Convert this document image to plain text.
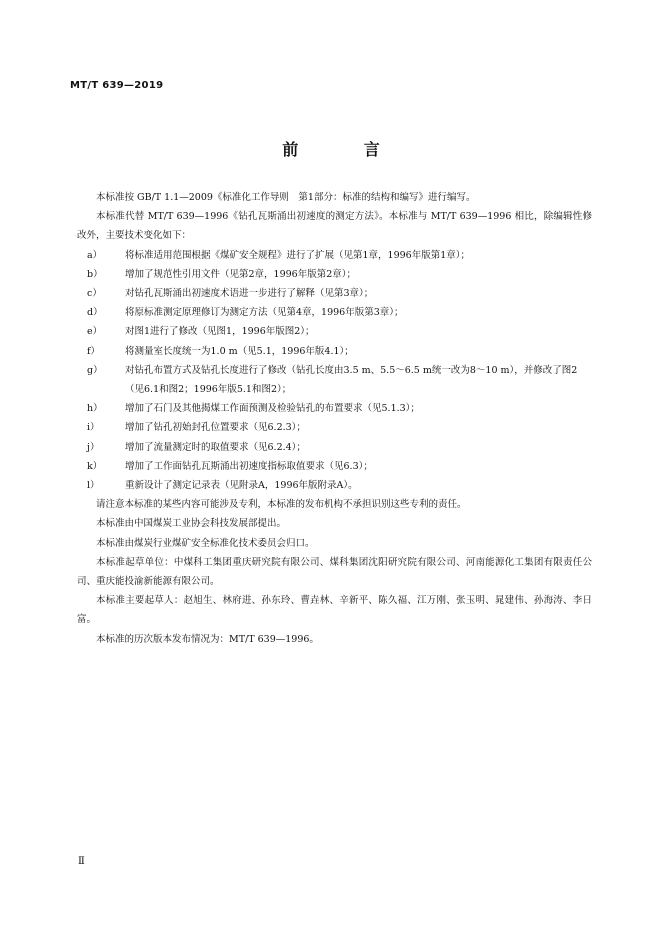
MT/T 639—2019
前 言

本标准按 GB/T 1.1—2009《标准化工作导则　第1部分：标准的结构和编写》进行编写。

本标准代替 MT/T 639—1996《钻孔瓦斯涌出初速度的测定方法》。本标准与 MT/T 639—1996 相比，除编辑性修改外，主要技术变化如下：

a） 将标准适用范围根据《煤矿安全规程》进行了扩展（见第1章，1996年版第1章）；

b） 增加了规范性引用文件（见第2章，1996年版第2章）；

c） 对钻孔瓦斯涌出初速度术语进一步进行了解释（见第3章）；

d） 将原标准测定原理修订为测定方法（见第4章，1996年版第3章）；

e） 对图1进行了修改（见图1，1996年版图2）；

f）	将测量室长度统一为1.0 m（见5.1，1996年版4.1）；

g） 对钻孔布置方式及钻孔长度进行了修改（钻孔长度由3.5 m、5.5～6.5 m统一改为8～10 m），并修改了图2（见6.1和图2；1996年版5.1和图2）；

h） 增加了石门及其他揭煤工作面预测及检验钻孔的布置要求（见5.1.3）；

i）	增加了钻孔初始封孔位置要求（见6.2.3）；

j）	增加了流量测定时的取值要求（见6.2.4）；

k） 增加了工作面钻孔瓦斯涌出初速度指标取值要求（见6.3）；

l）	重新设计了测定记录表（见附录A，1996年版附录A）。

请注意本标准的某些内容可能涉及专利，本标准的发布机构不承担识别这些专利的责任。

本标准由中国煤炭工业协会科技发展部提出。

本标准由煤炭行业煤矿安全标准化技术委员会归口。

本标准起草单位：中煤科工集团重庆研究院有限公司、煤科集团沈阳研究院有限公司、河南能源化工集团有限责任公司、重庆能投渝新能源有限公司。

本标准主要起草人：赵旭生、林府进、孙东玲、曹垚林、辛新平、陈久福、江万刚、张玉明、晁建伟、孙海涛、李日富。

本标准的历次版本发布情况为：MT/T 639—1996。

Ⅱ
